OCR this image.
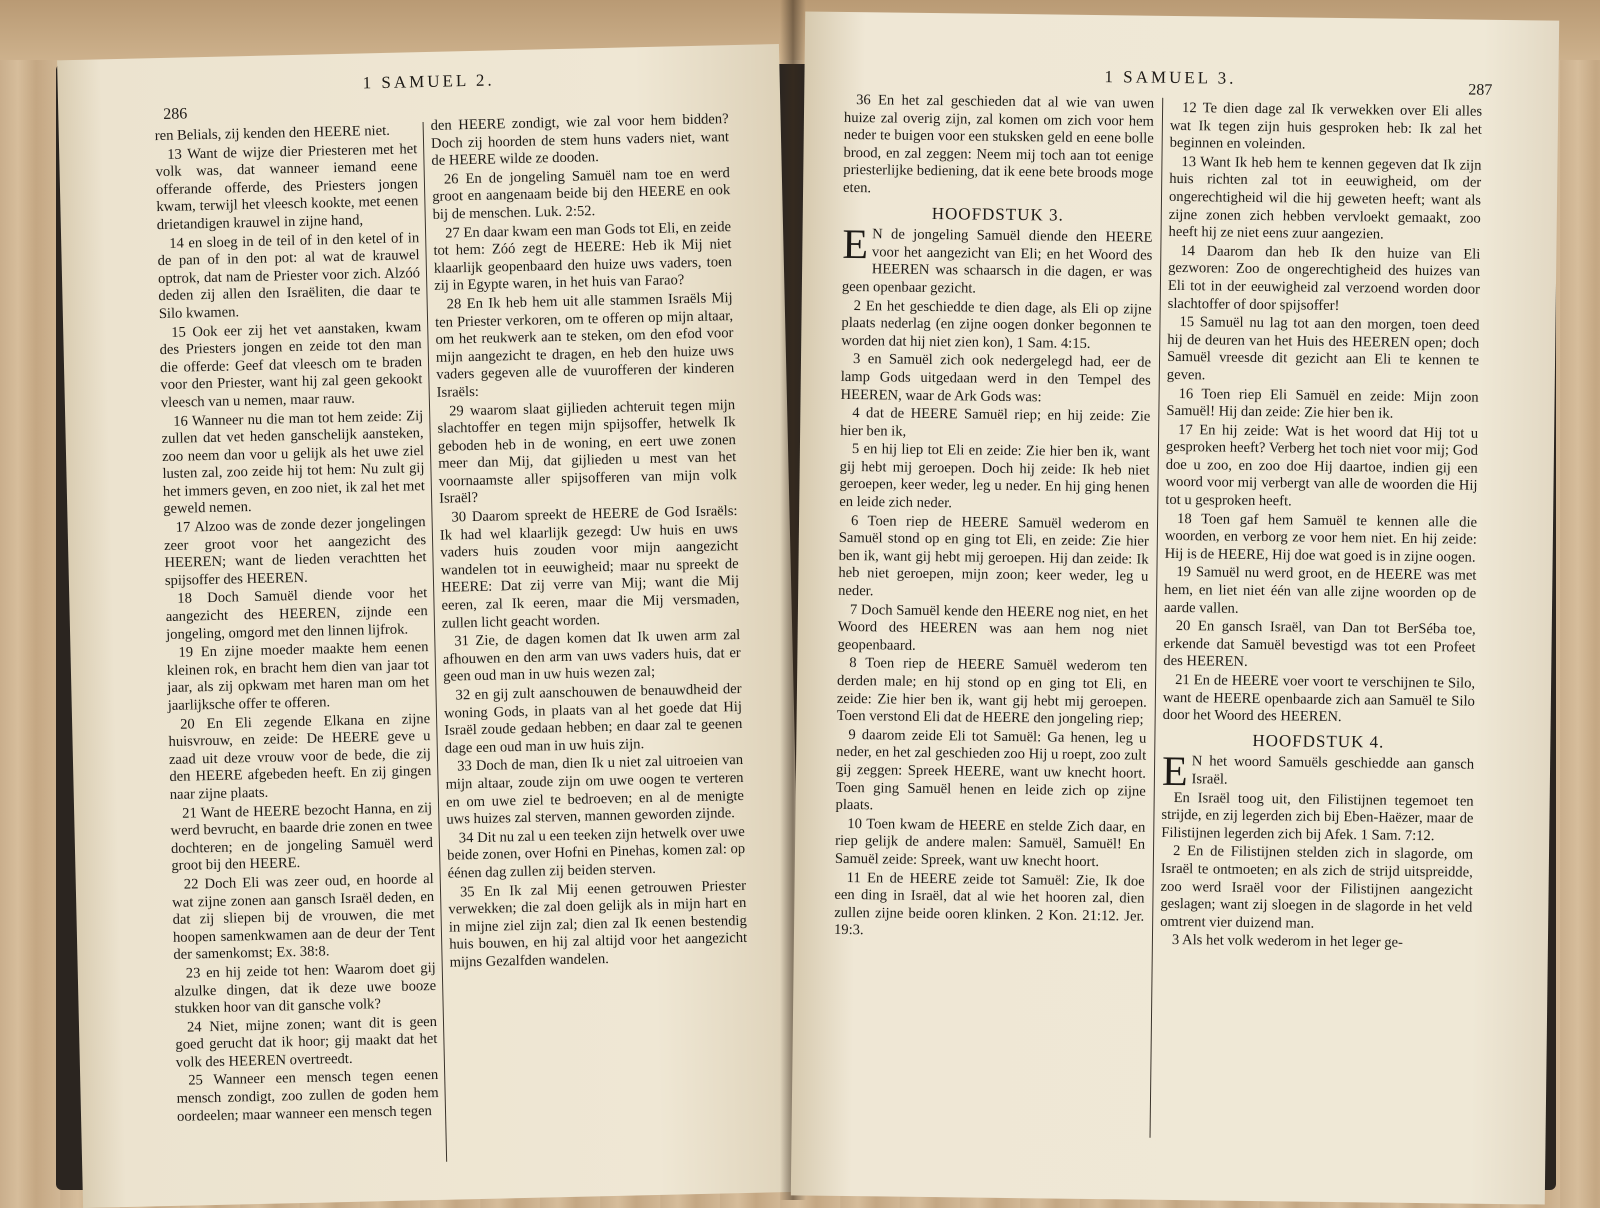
286
1 SAMUEL 2.

ren Belials, zij kenden den HEERE niet.

13 Want de wijze dier Priesteren met het volk was, dat wanneer iemand eene offerande offerde, des Priesters jongen kwam, terwijl het vleesch kookte, met eenen drietandigen krauwel in zijne hand,

14 en sloeg in de teil of in den ketel of in de pan of in den pot: al wat de krauwel optrok, dat nam de Priester voor zich. Alzóó deden zij allen den Israëliten, die daar te Silo kwamen.

15 Ook eer zij het vet aanstaken, kwam des Priesters jongen en zeide tot den man die offerde: Geef dat vleesch om te braden voor den Priester, want hij zal geen gekookt vleesch van u nemen, maar rauw.

16 Wanneer nu die man tot hem zeide: Zij zullen dat vet heden ganschelijk aansteken, zoo neem dan voor u gelijk als het uwe ziel lusten zal, zoo zeide hij tot hem: Nu zult gij het immers geven, en zoo niet, ik zal het met geweld nemen.

17 Alzoo was de zonde dezer jongelingen zeer groot voor het aangezicht des HEEREN; want de lieden verachtten het spijsoffer des HEEREN.

18 Doch Samuël diende voor het aangezicht des HEEREN, zijnde een jongeling, omgord met den linnen lijfrok.

19 En zijne moeder maakte hem eenen kleinen rok, en bracht hem dien van jaar tot jaar, als zij opkwam met haren man om het jaarlijksche offer te offeren.

20 En Eli zegende Elkana en zijne huisvrouw, en zeide: De HEERE geve u zaad uit deze vrouw voor de bede, die zij den HEERE afgebeden heeft. En zij gingen naar zijne plaats.

21 Want de HEERE bezocht Hanna, en zij werd bevrucht, en baarde drie zonen en twee dochteren; en de jongeling Samuël werd groot bij den HEERE.

22 Doch Eli was zeer oud, en hoorde al wat zijne zonen aan gansch Israël deden, en dat zij sliepen bij de vrouwen, die met hoopen samenkwamen aan de deur der Tent der samenkomst; Ex. 38:8.

23 en hij zeide tot hen: Waarom doet gij alzulke dingen, dat ik deze uwe booze stukken hoor van dit gansche volk?

24 Niet, mijne zonen; want dit is geen goed gerucht dat ik hoor; gij maakt dat het volk des HEEREN overtreedt.

25 Wanneer een mensch tegen eenen mensch zondigt, zoo zullen de goden hem oordeelen; maar wanneer een mensch tegen

den HEERE zondigt, wie zal voor hem bidden? Doch zij hoorden de stem huns vaders niet, want de HEERE wilde ze dooden.

26 En de jongeling Samuël nam toe en werd groot en aangenaam beide bij den HEERE en ook bij de menschen. Luk. 2:52.

27 En daar kwam een man Gods tot Eli, en zeide tot hem: Zóó zegt de HEERE: Heb ik Mij niet klaarlijk geopenbaard den huize uws vaders, toen zij in Egypte waren, in het huis van Farao?

28 En Ik heb hem uit alle stammen Israëls Mij ten Priester verkoren, om te offeren op mijn altaar, om het reukwerk aan te steken, om den efod voor mijn aangezicht te dragen, en heb den huize uws vaders gegeven alle de vuurofferen der kinderen Israëls:

29 waarom slaat gijlieden achteruit tegen mijn slachtoffer en tegen mijn spijsoffer, hetwelk Ik geboden heb in de woning, en eert uwe zonen meer dan Mij, dat gijlieden u mest van het voornaamste aller spijsofferen van mijn volk Israël?

30 Daarom spreekt de HEERE de God Israëls: Ik had wel klaarlijk gezegd: Uw huis en uws vaders huis zouden voor mijn aangezicht wandelen tot in eeuwigheid; maar nu spreekt de HEERE: Dat zij verre van Mij; want die Mij eeren, zal Ik eeren, maar die Mij versmaden, zullen licht geacht worden.

31 Zie, de dagen komen dat Ik uwen arm zal afhouwen en den arm van uws vaders huis, dat er geen oud man in uw huis wezen zal;

32 en gij zult aanschouwen de benauwdheid der woning Gods, in plaats van al het goede dat Hij Israël zoude gedaan hebben; en daar zal te geenen dage een oud man in uw huis zijn.

33 Doch de man, dien Ik u niet zal uitroeien van mijn altaar, zoude zijn om uwe oogen te verteren en om uwe ziel te bedroeven; en al de menigte uws huizes zal sterven, mannen geworden zijnde.

34 Dit nu zal u een teeken zijn hetwelk over uwe beide zonen, over Hofni en Pinehas, komen zal: op éénen dag zullen zij beiden sterven.

35 En Ik zal Mij eenen getrouwen Priester verwekken; die zal doen gelijk als in mijn hart en in mijne ziel zijn zal; dien zal Ik eenen bestendig huis bouwen, en hij zal altijd voor het aangezicht mijns Gezalfden wandelen.

1 SAMUEL 3.
287

36 En het zal geschieden dat al wie van uwen huize zal overig zijn, zal komen om zich voor hem neder te buigen voor een stuksken geld en eene bolle brood, en zal zeggen: Neem mij toch aan tot eenige priesterlijke bediening, dat ik eene bete broods moge eten.

HOOFDSTUK 3.

E N de jongeling Samuël diende den HEERE voor het aangezicht van Eli; en het Woord des HEEREN was schaarsch in die dagen, er was geen openbaar gezicht.

2 En het geschiedde te dien dage, als Eli op zijne plaats nederlag (en zijne oogen donker begonnen te worden dat hij niet zien kon), 1 Sam. 4:15.

3 en Samuël zich ook nedergelegd had, eer de lamp Gods uitgedaan werd in den Tempel des HEEREN, waar de Ark Gods was:

4 dat de HEERE Samuël riep; en hij zeide: Zie hier ben ik,

5 en hij liep tot Eli en zeide: Zie hier ben ik, want gij hebt mij geroepen. Doch hij zeide: Ik heb niet geroepen, keer weder, leg u neder. En hij ging henen en leide zich neder.

6 Toen riep de HEERE Samuël wederom en Samuël stond op en ging tot Eli, en zeide: Zie hier ben ik, want gij hebt mij geroepen. Hij dan zeide: Ik heb niet geroepen, mijn zoon; keer weder, leg u neder.

7 Doch Samuël kende den HEERE nog niet, en het Woord des HEEREN was aan hem nog niet geopenbaard.

8 Toen riep de HEERE Samuël wederom ten derden male; en hij stond op en ging tot Eli, en zeide: Zie hier ben ik, want gij hebt mij geroepen. Toen verstond Eli dat de HEERE den jongeling riep;

9 daarom zeide Eli tot Samuël: Ga henen, leg u neder, en het zal geschieden zoo Hij u roept, zoo zult gij zeggen: Spreek HEERE, want uw knecht hoort. Toen ging Samuël henen en leide zich op zijne plaats.

10 Toen kwam de HEERE en stelde Zich daar, en riep gelijk de andere malen: Samuël, Samuël! En Samuël zeide: Spreek, want uw knecht hoort.

11 En de HEERE zeide tot Samuël: Zie, Ik doe een ding in Israël, dat al wie het hooren zal, dien zullen zijne beide ooren klinken. 2 Kon. 21:12. Jer. 19:3.

12 Te dien dage zal Ik verwekken over Eli alles wat Ik tegen zijn huis gesproken heb: Ik zal het beginnen en voleinden.

13 Want Ik heb hem te kennen gegeven dat Ik zijn huis richten zal tot in eeuwigheid, om der ongerechtigheid wil die hij geweten heeft; want als zijne zonen zich hebben vervloekt gemaakt, zoo heeft hij ze niet eens zuur aangezien.

14 Daarom dan heb Ik den huize van Eli gezworen: Zoo de ongerechtigheid des huizes van Eli tot in der eeuwigheid zal verzoend worden door slachtoffer of door spijsoffer!

15 Samuël nu lag tot aan den morgen, toen deed hij de deuren van het Huis des HEEREN open; doch Samuël vreesde dit gezicht aan Eli te kennen te geven.

16 Toen riep Eli Samuël en zeide: Mijn zoon Samuël! Hij dan zeide: Zie hier ben ik.

17 En hij zeide: Wat is het woord dat Hij tot u gesproken heeft? Verberg het toch niet voor mij; God doe u zoo, en zoo doe Hij daartoe, indien gij een woord voor mij verbergt van alle de woorden die Hij tot u gesproken heeft.

18 Toen gaf hem Samuël te kennen alle die woorden, en verborg ze voor hem niet. En hij zeide: Hij is de HEERE, Hij doe wat goed is in zijne oogen.

19 Samuël nu werd groot, en de HEERE was met hem, en liet niet één van alle zijne woorden op de aarde vallen.

20 En gansch Israël, van Dan tot BerSéba toe, erkende dat Samuël bevestigd was tot een Profeet des HEEREN.

21 En de HEERE voer voort te verschijnen te Silo, want de HEERE openbaarde zich aan Samuël te Silo door het Woord des HEEREN.

HOOFDSTUK 4.

E N het woord Samuëls geschiedde aan gansch Israël.

En Israël toog uit, den Filistijnen tegemoet ten strijde, en zij legerden zich bij Eben-Haëzer, maar de Filistijnen legerden zich bij Afek. 1 Sam. 7:12.

2 En de Filistijnen stelden zich in slagorde, om Israël te ontmoeten; en als zich de strijd uitspreidde, zoo werd Israël voor der Filistijnen aangezicht geslagen; want zij sloegen in de slagorde in het veld omtrent vier duizend man.

3 Als het volk wederom in het leger ge-
